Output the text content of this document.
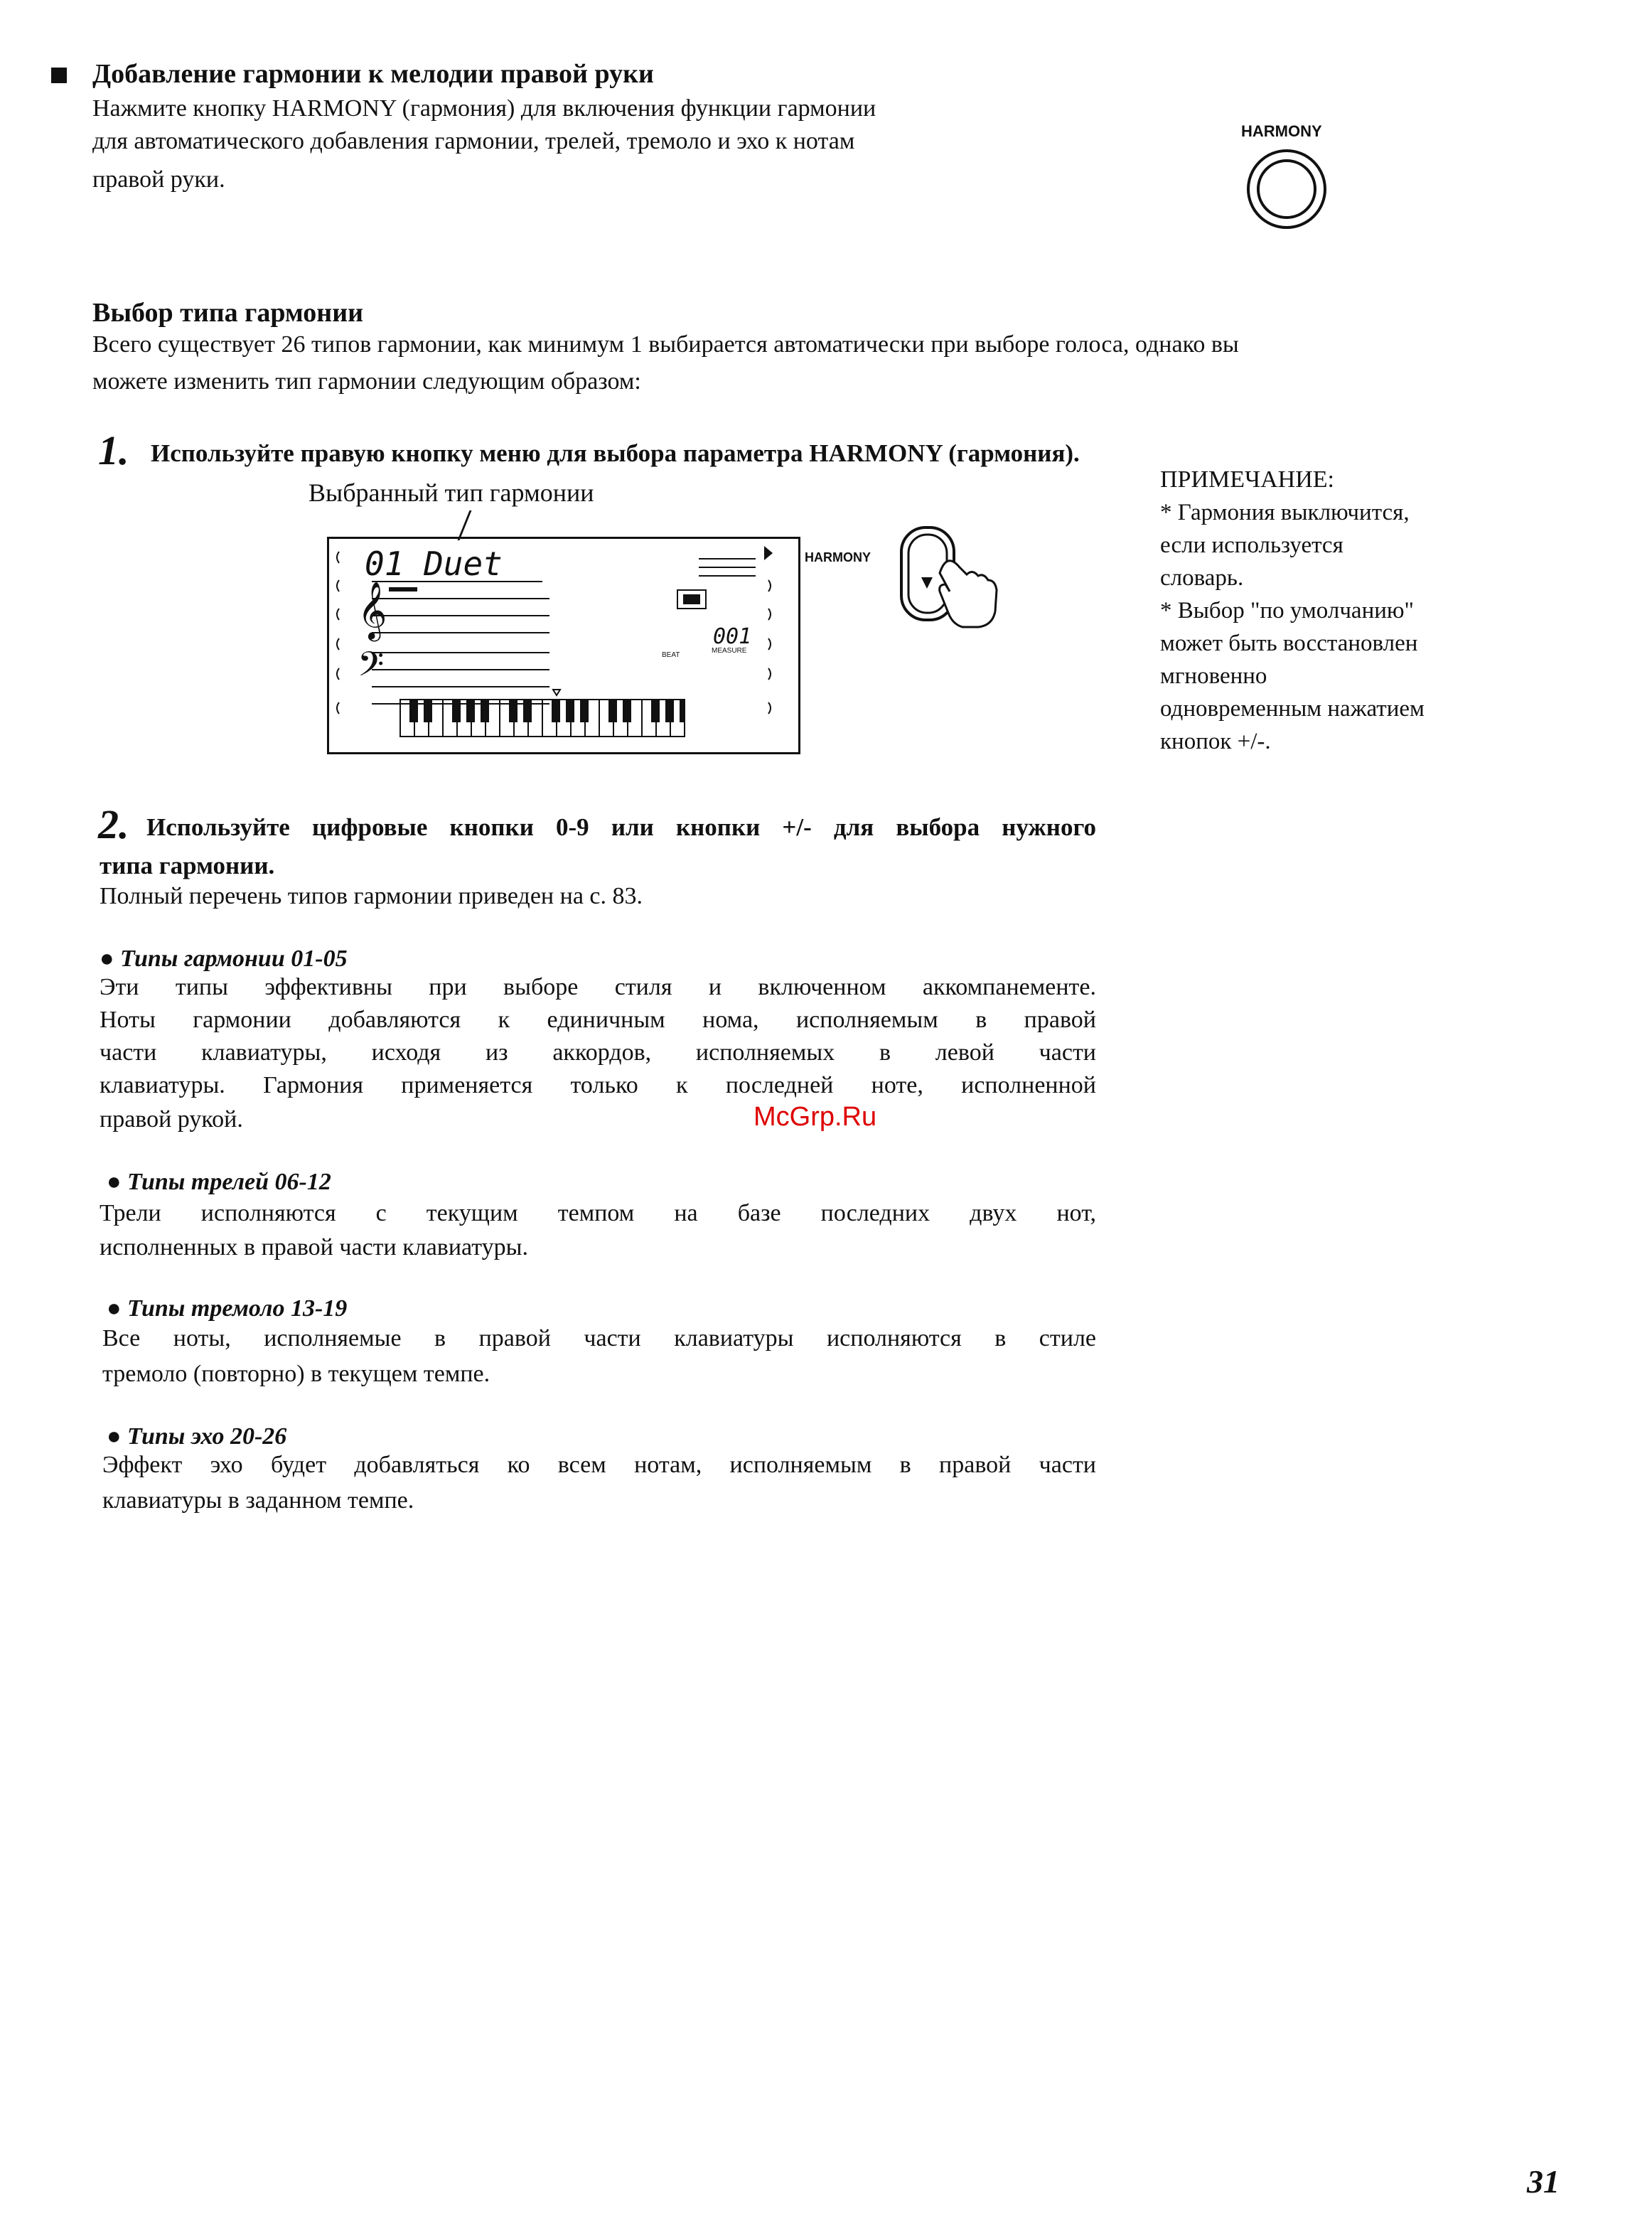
Добавление гармонии к мелодии правой руки
Нажмите кнопку HARMONY (гармония) для включения функции гармонии
для автоматического добавления гармонии, трелей, тремоло и эхо к нотам
правой руки.
HARMONY
Выбор типа гармонии
Всего существует 26 типов гармонии, как минимум 1 выбирается автоматически при выборе голоса, однако вы
можете изменить тип гармонии следующим образом:
1. Используйте правую кнопку меню для выбора параметра HARMONY (гармония).
Выбранный тип гармонии
01 Duet
𝄞
𝄢
001
BEAT
MEASURE
HARMONY
ПРИМЕЧАНИЕ:
* Гармония выключится,
если используется
словарь.
* Выбор "по умолчанию"
может быть восстановлен
мгновенно
одновременным нажатием
кнопок +/-.
2. Используйте цифровые кнопки 0-9 или кнопки +/- для выбора нужного
типа гармонии.
Полный перечень типов гармонии приведен на с. 83.
● Типы гармонии 01-05
Эти типы эффективны при выборе стиля и включенном аккомпанементе.
Ноты гармонии добавляются к единичным нома, исполняемым в правой
части клавиатуры, исходя из аккордов, исполняемых в левой части
клавиатуры. Гармония применяется только к последней ноте, исполненной
правой рукой.	McGrp.Ru
● Типы трелей 06-12
Трели исполняются с текущим темпом на базе последних двух нот,
исполненных в правой части клавиатуры.
● Типы тремоло 13-19
Все ноты, исполняемые в правой части клавиатуры исполняются в стиле
тремоло (повторно) в текущем темпе.
● Типы эхо 20-26
Эффект эхо будет добавляться ко всем нотам, исполняемым в правой части
клавиатуры в заданном темпе.
31
